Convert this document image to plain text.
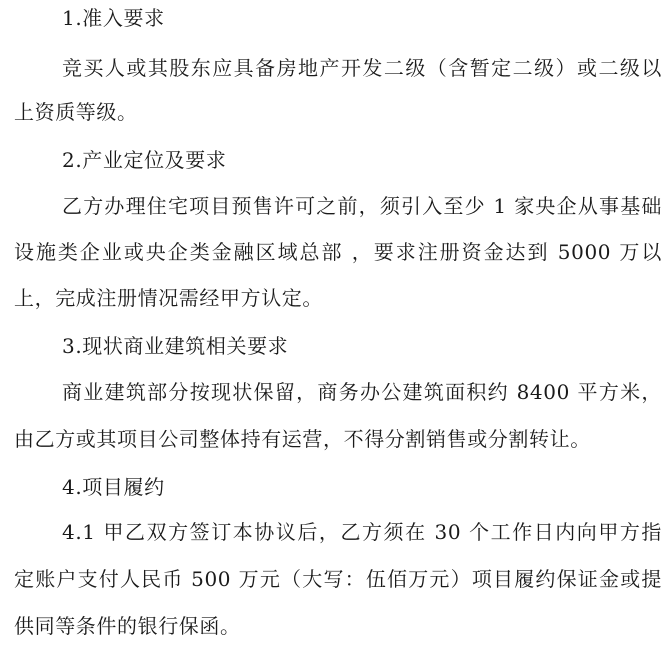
1.准入要求
竞买人或其股东应具备房地产开发二级（含暂定二级）或二级以
上资质等级。
2.产业定位及要求
乙方办理住宅项目预售许可之前，须引入至少 1 家央企从事基础
设施类企业或央企类金融区域总部 ，要求注册资金达到 5000 万以
上，完成注册情况需经甲方认定。
3.现状商业建筑相关要求
商业建筑部分按现状保留，商务办公建筑面积约 8400 平方米，
由乙方或其项目公司整体持有运营，不得分割销售或分割转让。
4.项目履约
4.1 甲乙双方签订本协议后，乙方须在 30 个工作日内向甲方指
定账户支付人民币 500 万元（大写：伍佰万元）项目履约保证金或提
供同等条件的银行保函。
